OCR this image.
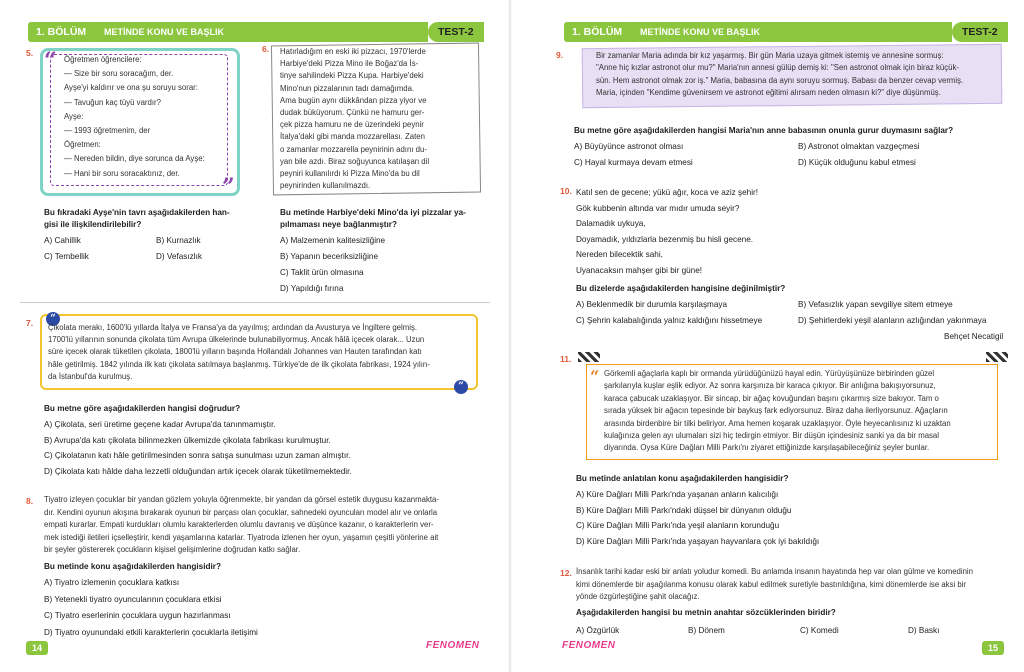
1. BÖLÜM	METİNDE KONU VE BAŞLIK	TEST-2
5. “
”
Öğretmen öğrencilere:
— Size bir soru soracağım, der.
Ayşe'yi kaldırır ve ona şu soruyu sorar:
— Tavuğun kaç tüyü vardır?
Ayşe:
— 1993 öğretmenim, der
Öğretmen:
— Nereden bildin, diye sorunca da Ayşe:
— Hani bir soru soracaktınız, der.
Bu fıkradaki Ayşe'nin tavrı aşağıdakilerden han-
gisi ile ilişkilendirilebilir?
A) Cahillik	B) Kurnazlık
C) Tembellik	D) Vefasızlık
6. Hatırladığım en eski iki pizzacı, 1970'lerde
Harbiye'deki Pizza Mino ile Boğaz'da İs-
tinye sahilindeki Pizza Kupa. Harbiye'deki
Mino'nun pizzalarının tadı damağımda.
Ama bugün aynı dükkândan pizza yiyor ve
dudak büküyorum. Çünkü ne hamuru ger-
çek pizza hamuru ne de üzerindeki peynir
İtalya'daki gibi manda mozzarellası. Zaten
o zamanlar mozzarella peynirinin adını du-
yan bile azdı. Biraz soğuyunca katılaşan dil
peyniri kullanılırdı ki Pizza Mino'da bu dil
peynirinden kullanılmazdı.
Bu metinde Harbiye'deki Mino'da iyi pizzalar ya-
pılmaması neye bağlanmıştır?
A) Malzemenin kalitesizliğine
B) Yapanın beceriksizliğine
C) Taklit ürün olmasına
D) Yapıldığı fırına
7.	“
”
Çikolata merakı, 1600'lü yıllarda İtalya ve Fransa'ya da yayılmış; ardından da Avusturya ve İngiltere gelmiş.
1700'lü yıllarının sonunda çikolata tüm Avrupa ülkelerinde bulunabiliyormuş. Ancak hâlâ içecek olarak... Uzun
süre içecek olarak tüketilen çikolata, 1800'lü yılların başında Hollandalı Johannes van Hauten tarafından katı
hâle getirilmiş. 1842 yılında ilk katı çikolata satılmaya başlanmış. Türkiye'de de ilk çikolata fabrikası, 1924 yılın-
da İstanbul'da kurulmuş.
Bu metne göre aşağıdakilerden hangisi doğrudur?
A) Çikolata, seri üretime geçene kadar Avrupa'da tanınmamıştır.
B) Avrupa'da katı çikolata bilinmezken ülkemizde çikolata fabrikası kurulmuştur.
C) Çikolatanın katı hâle getirilmesinden sonra satışa sunulması uzun zaman almıştır.
D) Çikolata katı hâlde daha lezzetli olduğundan artık içecek olarak tüketilmemektedir.
8. Tiyatro izleyen çocuklar bir yandan gözlem yoluyla öğrenmekte, bir yandan da görsel estetik duygusu kazanmakta-
dır. Kendini oyunun akışına bırakarak oyunun bir parçası olan çocuklar, sahnedeki oyuncuları model alır ve onlarla
empati kurarlar. Empati kurdukları olumlu karakterlerden olumlu davranış ve düşünce kazanır, o karakterlerin ver-
mek istediği iletileri içselleştirir, kendi yaşamlarına katarlar. Tiyatroda izlenen her oyun, yaşamın çeşitli yönlerine ait
bir şeyler göstererek çocukların kişisel gelişimlerine doğrudan katkı sağlar.
Bu metinde konu aşağıdakilerden hangisidir?
A) Tiyatro izlemenin çocuklara katkısı
B) Yetenekli tiyatro oyuncularının çocuklara etkisi
C) Tiyatro eserlerinin çocuklara uygun hazırlanması
D) Tiyatro oyunundaki etkili karakterlerin çocuklarla iletişimi
14	FENOMEN
1. BÖLÜM	METİNDE KONU VE BAŞLIK	TEST-2
9.	Bir zamanlar Maria adında bir kız yaşarmış. Bir gün Maria uzaya gitmek istemiş ve annesine sormuş:
"Anne hiç kızlar astronot olur mu?" Maria'nın annesi gülüp demiş ki: "Sen astronot olmak için biraz küçük-
sün. Hem astronot olmak zor iş." Maria, babasına da aynı soruyu sormuş. Babası da benzer cevap vermiş.
Maria, içinden "Kendime güvenirsem ve astronot eğitimi alırsam neden olmasın ki?" diye düşünmüş.
Bu metne göre aşağıdakilerden hangisi Maria'nın anne babasının onunla gurur duymasını sağlar?
A) Büyüyünce astronot olması	B) Astronot olmaktan vazgeçmesi
C) Hayal kurmaya devam etmesi	D) Küçük olduğunu kabul etmesi
10. Katıl sen de gecene; yükü ağır, koca ve aziz şehir!
Gök kubbenin altında var mıdır umuda seyir?
Dalamadık uykuya,
Doyamadık, yıldızlarla bezenmiş bu hisli gecene.
Nereden bilecektik sahi,
Uyanacaksın mahşer gibi bir güne!
Bu dizelerde aşağıdakilerden hangisine değinilmiştir?
A) Beklenmedik bir durumla karşılaşmaya	B) Vefasızlık yapan sevgiliye sitem etmeye
C) Şehrin kalabalığında yalnız kaldığını hissetmeye	D) Şehirlerdeki yeşil alanların azlığından yakınmaya
Behçet Necatigil
11.
“ Görkemli ağaçlarla kaplı bir ormanda yürüdüğünüzü hayal edin. Yürüyüşünüze birbirinden güzel
şarkılarıyla kuşlar eşlik ediyor. Az sonra karşınıza bir karaca çıkıyor. Bir anlığına bakışıyorsunuz,
karaca çabucak uzaklaşıyor. Bir sincap, bir ağaç kovuğundan başını çıkarmış size bakıyor. Tam o
sırada yüksek bir ağacın tepesinde bir baykuş fark ediyorsunuz. Biraz daha ilerliyorsunuz. Ağaçların
arasında birdenbire bir tilki beliriyor. Ama hemen koşarak uzaklaşıyor. Öyle heyecanlısınız ki uzaktan
kulağınıza gelen ayı ulumaları sizi hiç tedirgin etmiyor. Bir düşün içindesiniz sanki ya da bir masal
diyarında. Oysa Küre Dağları Milli Parkı'nı ziyaret ettiğinizde karşılaşabileceğiniz şeyler bunlar.
Bu metinde anlatılan konu aşağıdakilerden hangisidir?
A) Küre Dağları Milli Parkı'nda yaşanan anların kalıcılığı
B) Küre Dağları Milli Parkı'ndaki düşsel bir dünyanın olduğu
C) Küre Dağları Milli Parkı'nda yeşil alanların korunduğu
D) Küre Dağları Milli Parkı'nda yaşayan hayvanlara çok iyi bakıldığı
12. İnsanlık tarihi kadar eski bir anlatı yoludur komedi. Bu anlamda insanın hayatında hep var olan gülme ve komedinin
kimi dönemlerde bir aşağılanma konusu olarak kabul edilmek suretiyle bastırıldığına, kimi dönemlerde ise aksi bir
yönde özgürleştiğine şahit olacağız.
Aşağıdakilerden hangisi bu metnin anahtar sözcüklerinden biridir?
A) Özgürlük	B) Dönem	C) Komedi	D) Baskı
FENOMEN	15
